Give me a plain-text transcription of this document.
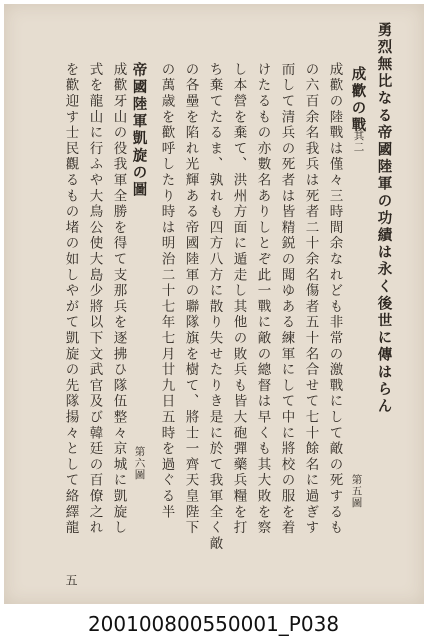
勇烈無比なる帝國陸軍の功績は永く後世に傳はらん
成歡の戰
其二
第五圖
成歡の陸戰は僅々三時間余なれども非常の激戰にして敵の死するも
の六百余名我兵は死者二十余名傷者五十名合せて七十餘名に過ぎす
而して清兵の死者は皆精鋭の聞ゆある練軍にして中に將校の服を着
けたるもの亦數名ありしとぞ此一戰に敵の總督は早くも其大敗を察
し本營を棄て、洪州方面に遁走し其他の敗兵も皆大砲彈藥兵糧を打
ち棄てたるま、孰れも四方八方に散り失せたりき是に於て我軍全く敵
の各壘を陷れ光輝ある帝國陸軍の聯隊旗を樹て、將士一齊天皇陛下
の萬歳を歡呼したり時は明治二十七年七月廿九日五時を過ぐる半
帝國陸軍凱旋の圖
第六圖
成歡牙山の役我軍全勝を得て支那兵を逐拂ひ隊伍整々京城に凱旋し
式を龍山に行ふや大鳥公使大島少將以下文武官及び韓廷の百僚之れ
を歡迎す士民觀るもの堵の如しやがて凱旋の先隊揚々として絡繹龍
五
20010080055000​1_P038
